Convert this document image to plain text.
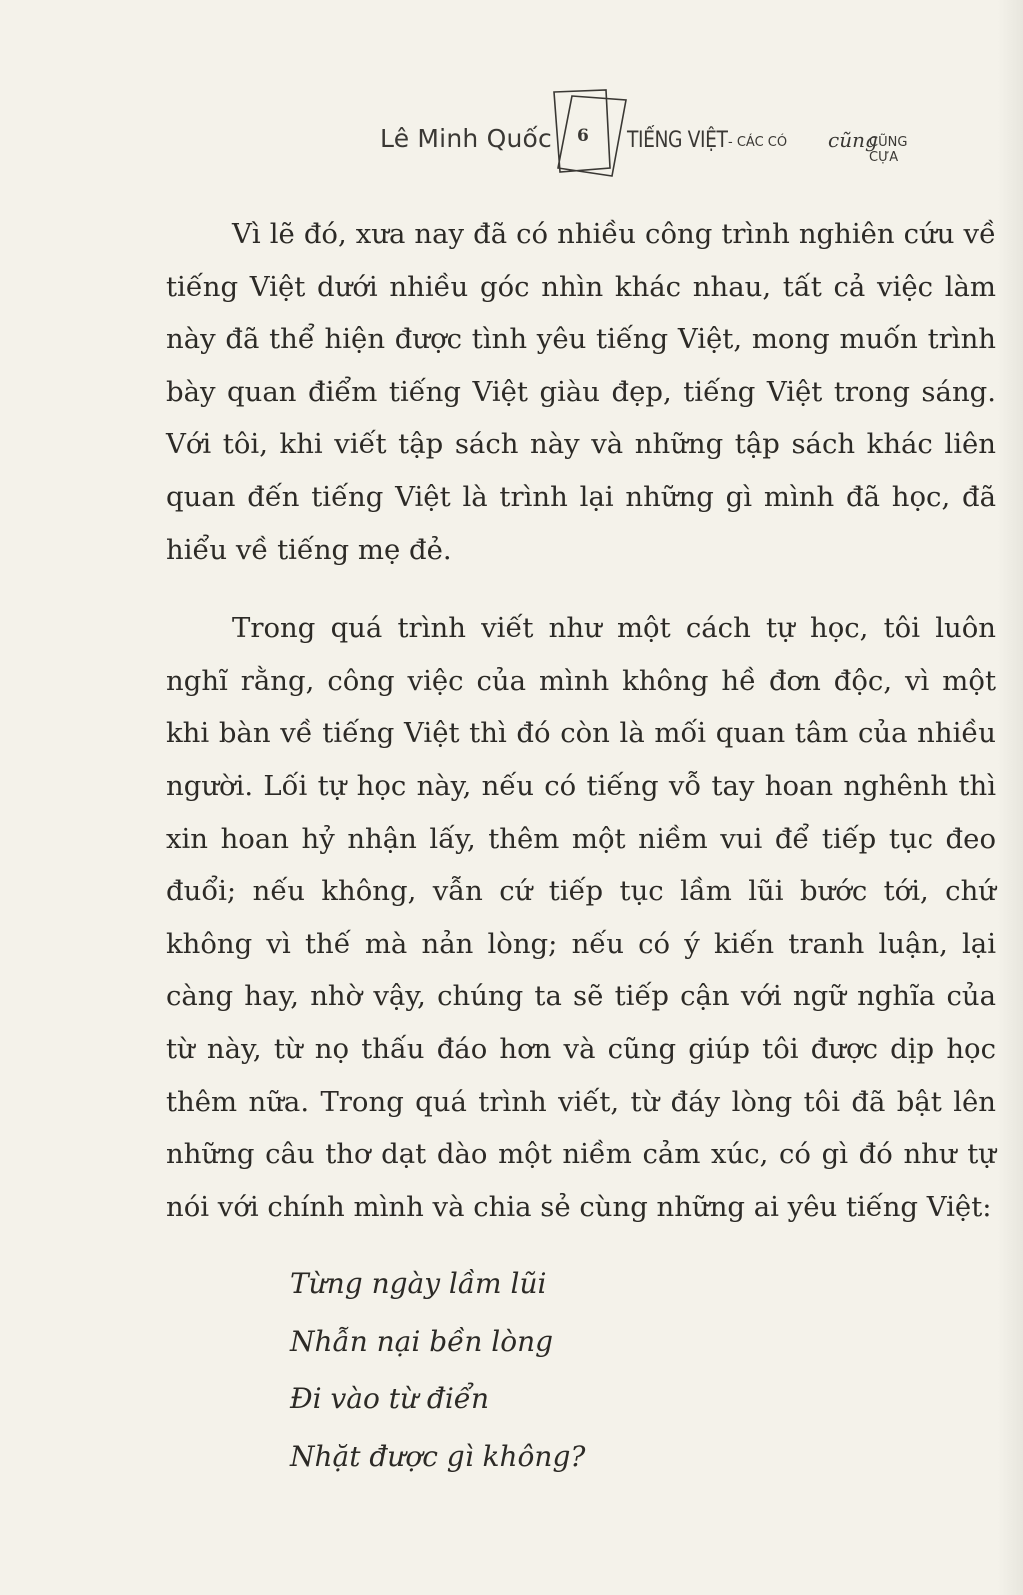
Lê Minh Quốc 6 TIẾNG VIỆT - CÁC CÓ cũng
CŨNG CỰA

Vì lẽ đó, xưa nay đã có nhiều công trình nghiên cứu về tiếng Việt dưới nhiều góc nhìn khác nhau, tất cả việc làm này đã thể hiện được tình yêu tiếng Việt, mong muốn trình bày quan điểm tiếng Việt giàu đẹp, tiếng Việt trong sáng. Với tôi, khi viết tập sách này và những tập sách khác liên quan đến tiếng Việt là trình lại những gì mình đã học, đã hiểu về tiếng mẹ đẻ.

Trong quá trình viết như một cách tự học, tôi luôn nghĩ rằng, công việc của mình không hề đơn độc, vì một khi bàn về tiếng Việt thì đó còn là mối quan tâm của nhiều người. Lối tự học này, nếu có tiếng vỗ tay hoan nghênh thì xin hoan hỷ nhận lấy, thêm một niềm vui để tiếp tục đeo đuổi; nếu không, vẫn cứ tiếp tục lầm lũi bước tới, chứ không vì thế mà nản lòng; nếu có ý kiến tranh luận, lại càng hay, nhờ vậy, chúng ta sẽ tiếp cận với ngữ nghĩa của từ này, từ nọ thấu đáo hơn và cũng giúp tôi được dịp học thêm nữa. Trong quá trình viết, từ đáy lòng tôi đã bật lên những câu thơ dạt dào một niềm cảm xúc, có gì đó như tự nói với chính mình và chia sẻ cùng những ai yêu tiếng Việt:

Từng ngày lầm lũi
Nhẫn nại bền lòng
Đi vào từ điển
Nhặt được gì không?
